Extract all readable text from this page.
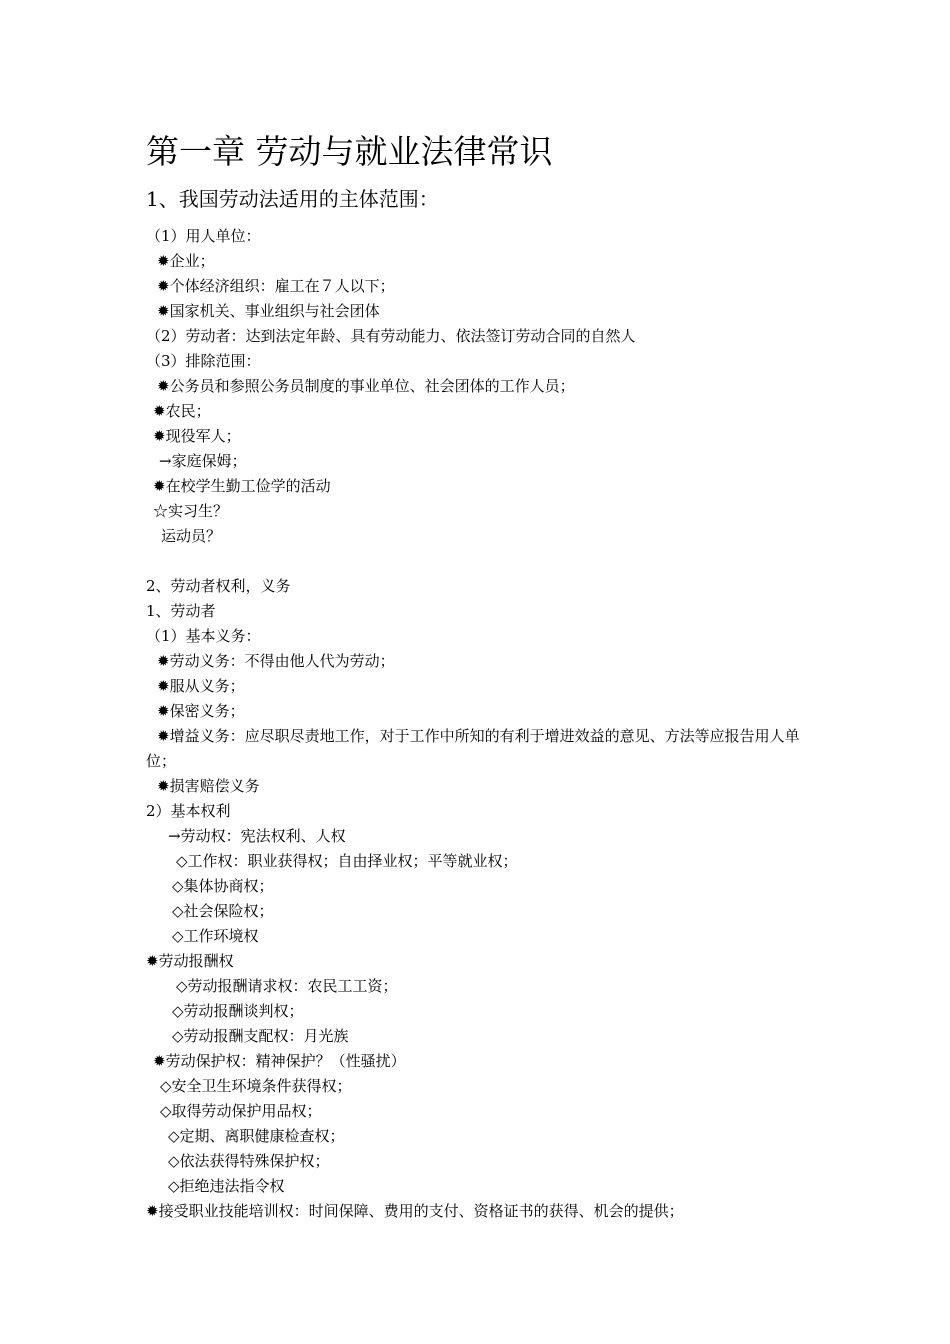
第一章 劳动与就业法律常识
1、我国劳动法适用的主体范围：
（1）用人单位：
✹企业；
✹个体经济组织：雇工在７人以下；
✹国家机关、事业组织与社会团体
（2）劳动者：达到法定年龄、具有劳动能力、依法签订劳动合同的自然人
（3）排除范围：
✹公务员和参照公务员制度的事业单位、社会团体的工作人员；
✹农民；
✹现役军人；
→家庭保姆；
✹在校学生勤工俭学的活动
☆实习生？
运动员？
2、劳动者权利，义务
1、劳动者
（1）基本义务：
✹劳动义务：不得由他人代为劳动；
✹服从义务；
✹保密义务；
✹增益义务：应尽职尽责地工作，对于工作中所知的有利于增进效益的意见、方法等应报告用人单位；
✹损害赔偿义务
2）基本权利
→劳动权：宪法权利、人权
◇工作权：职业获得权；自由择业权；平等就业权；
◇集体协商权；
◇社会保险权；
◇工作环境权
✹劳动报酬权
◇劳动报酬请求权：农民工工资；
◇劳动报酬谈判权；
◇劳动报酬支配权：月光族
✹劳动保护权：精神保护？（性骚扰）
◇安全卫生环境条件获得权；
◇取得劳动保护用品权；
◇定期、离职健康检查权；
◇依法获得特殊保护权；
◇拒绝违法指令权
✹接受职业技能培训权：时间保障、费用的支付、资格证书的获得、机会的提供；
